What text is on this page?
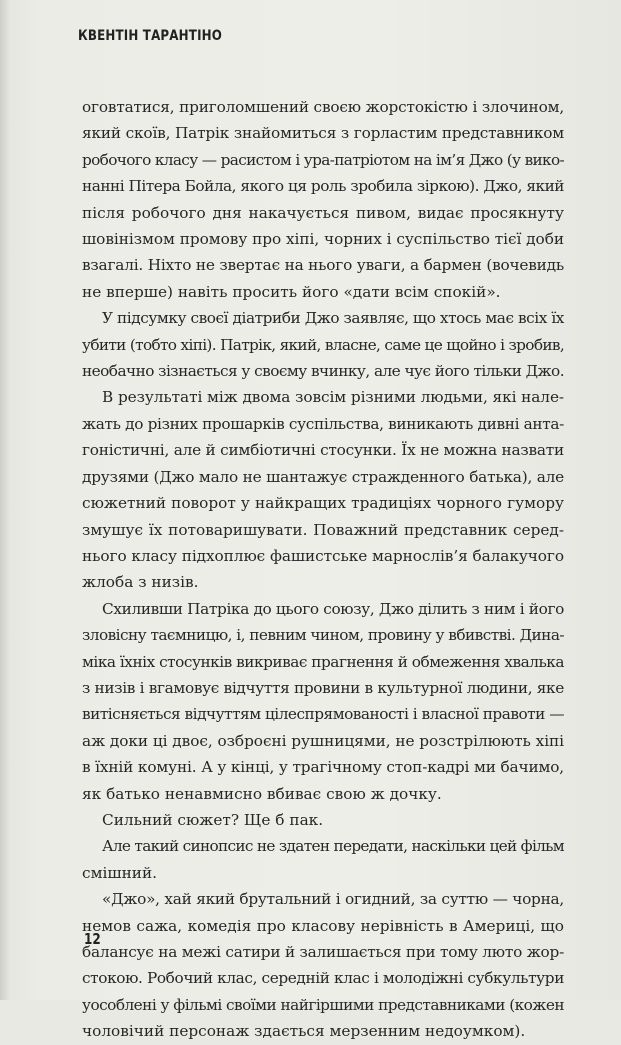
КВЕНТІН ТАРАНТІНО

оговтатися, приголомшений своєю жорстокістю і злочином,
який скоїв, Патрік знайомиться з горластим представником
робочого класу — расистом і ура-патріотом на ім’я Джо (у вико-
нанні Пітера Бойла, якого ця роль зробила зіркою). Джо, який
після робочого дня накачується пивом, видає просякнуту
шовінізмом промову про хіпі, чорних і суспільство тієї доби
взагалі. Ніхто не звертає на нього уваги, а бармен (вочевидь
не вперше) навіть просить його «дати всім спокій».

У підсумку своєї діатриби Джо заявляє, що хтось має всіх їх
убити (тобто хіпі). Патрік, який, власне, саме це щойно і зробив,
необачно зізнається у своєму вчинку, але чує його тільки Джо.

В результаті між двома зовсім різними людьми, які нале-
жать до різних прошарків суспільства, виникають дивні анта-
гоністичні, але й симбіотичні стосунки. Їх не можна назвати
друзями (Джо мало не шантажує стражденного батька), але
сюжетний поворот у найкращих традиціях чорного гумору
змушує їх потоваришувати. Поважний представник серед-
нього класу підхоплює фашистське марнослів’я балакучого
жлоба з низів.

Схиливши Патріка до цього союзу, Джо ділить з ним і його
зловісну таємницю, і, певним чином, провину у вбивстві. Дина-
міка їхніх стосунків викриває прагнення й обмеження хвалька
з низів і вгамовує відчуття провини в культурної людини, яке
витісняється відчуттям цілеспрямованості і власної правоти —
аж доки ці двоє, озброєні рушницями, не розстрілюють хіпі
в їхній комуні. А у кінці, у трагічному стоп-кадрі ми бачимо,
як батько ненавмисно вбиває свою ж дочку.

Сильний сюжет? Ще б пак.

Але такий синопсис не здатен передати, наскільки цей фільм
смішний.

«Джо», хай який брутальний і огидний, за суттю — чорна,
немов сажа, комедія про класову нерівність в Америці, що
балансує на межі сатири й залишається при тому люто жор-
стокою. Робочий клас, середній клас і молодіжні субкультури
уособлені у фільмі своїми найгіршими представниками (кожен
чоловічий персонаж здається мерзенним недоумком).

12
